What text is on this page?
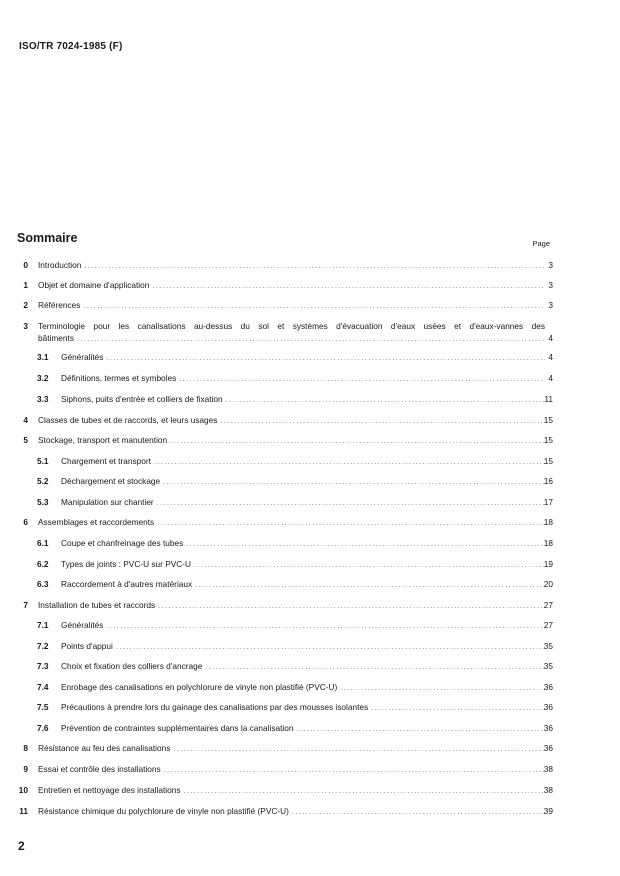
ISO/TR 7024-1985 (F)
Sommaire	Page
0 Introduction .....	3
1 Objet et domaine d'application .....	3
2 Références .....	3
3 Terminologie pour les canalisations au-dessus du sol et systèmes d'évacuation d'eaux usées et d'eaux-vannes des
bâtiments .....	4
3.1	Généralités .....	4
3.2	Définitions, termes et symboles .....	4
3.3	Siphons, puits d'entrée et colliers de fixation .....	11
4 Classes de tubes et de raccords, et leurs usages .....	15
5 Stockage, transport et manutention .....	15
5.1	Chargement et transport .....	15
5.2	Déchargement et stockage .....	16
5.3	Manipulation sur chantier .....	17
6 Assemblages et raccordements .....	18
6.1	Coupe et chanfreinage des tubes .....	18
6.2	Types de joints : PVC-U sur PVC-U .....	19
6.3	Raccordement à d'autres matériaux .....	20
7 Installation de tubes et raccords .....	27
7.1	Généralités .....	27
7.2	Points d'appui .....	35
7.3	Choix et fixation des colliers d'ancrage .....	35
7.4	Enrobage des canalisations en polychlorure de vinyle non plastifié (PVC-U) .....	36
7.5	Précautions à prendre lors du gainage des canalisations par des mousses isolantes .....	36
7.6	Prévention de contraintes supplémentaires dans la canalisation .....	36
8 Résistance au feu des canalisations .....	36
9 Essai et contrôle des installations .....	38
10 Entretien et nettoyage des installations .....	38
11 Résistance chimique du polychlorure de vinyle non plastifié (PVC-U) .....	39
2
